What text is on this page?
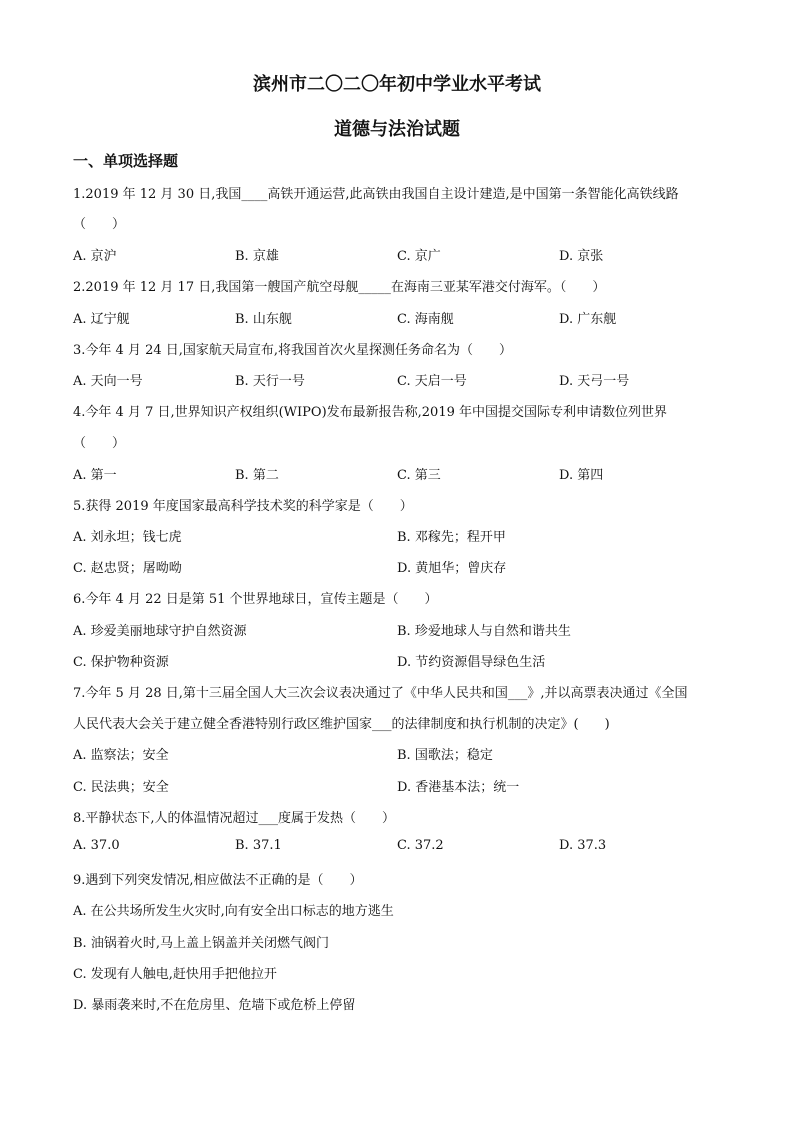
滨州市二〇二〇年初中学业水平考试
道德与法治试题
一、单项选择题
1.2019 年 12 月 30 日,我国____高铁开通运营,此高铁由我国自主设计建造,是中国第一条智能化高铁线路
（　　）
A. 京沪	B. 京雄	C. 京广	D. 京张
2.2019 年 12 月 17 日,我国第一艘国产航空母舰_____在海南三亚某军港交付海军。（　　）
A. 辽宁舰	B. 山东舰	C. 海南舰	D. 广东舰
3.今年 4 月 24 日,国家航天局宣布,将我国首次火星探测任务命名为（　　）
A. 天向一号	B. 天行一号	C. 天启一号	D. 天弓一号
4.今年 4 月 7 日,世界知识产权组织(WIPO)发布最新报告称,2019 年中国提交国际专利申请数位列世界
（　　）
A. 第一	B. 第二	C. 第三	D. 第四
5.获得 2019 年度国家最高科学技术奖的科学家是（　　）
A. 刘永坦；钱七虎	B. 邓稼先；程开甲
C. 赵忠贤；屠呦呦	D. 黄旭华；曾庆存
6.今年 4 月 22 日是第 51 个世界地球日，宣传主题是（　　）
A. 珍爱美丽地球守护自然资源	B. 珍爱地球人与自然和谐共生
C. 保护物种资源	D. 节约资源倡导绿色生活
7.今年 5 月 28 日,第十三届全国人大三次会议表决通过了《中华人民共和国___》,并以高票表决通过《全国
人民代表大会关于建立健全香港特别行政区维护国家___的法律制度和执行机制的决定》(　　)
A. 监察法；安全	B. 国歌法；稳定
C. 民法典；安全	D. 香港基本法；统一
8.平静状态下,人的体温情况超过___度属于发热（　　）
A. 37.0	B. 37.1	C. 37.2	D. 37.3
9.遇到下列突发情况,相应做法不正确的是（　　）
A. 在公共场所发生火灾时,向有安全出口标志的地方逃生
B. 油锅着火时,马上盖上锅盖并关闭燃气阀门
C. 发现有人触电,赶快用手把他拉开
D. 暴雨袭来时,不在危房里、危墙下或危桥上停留
